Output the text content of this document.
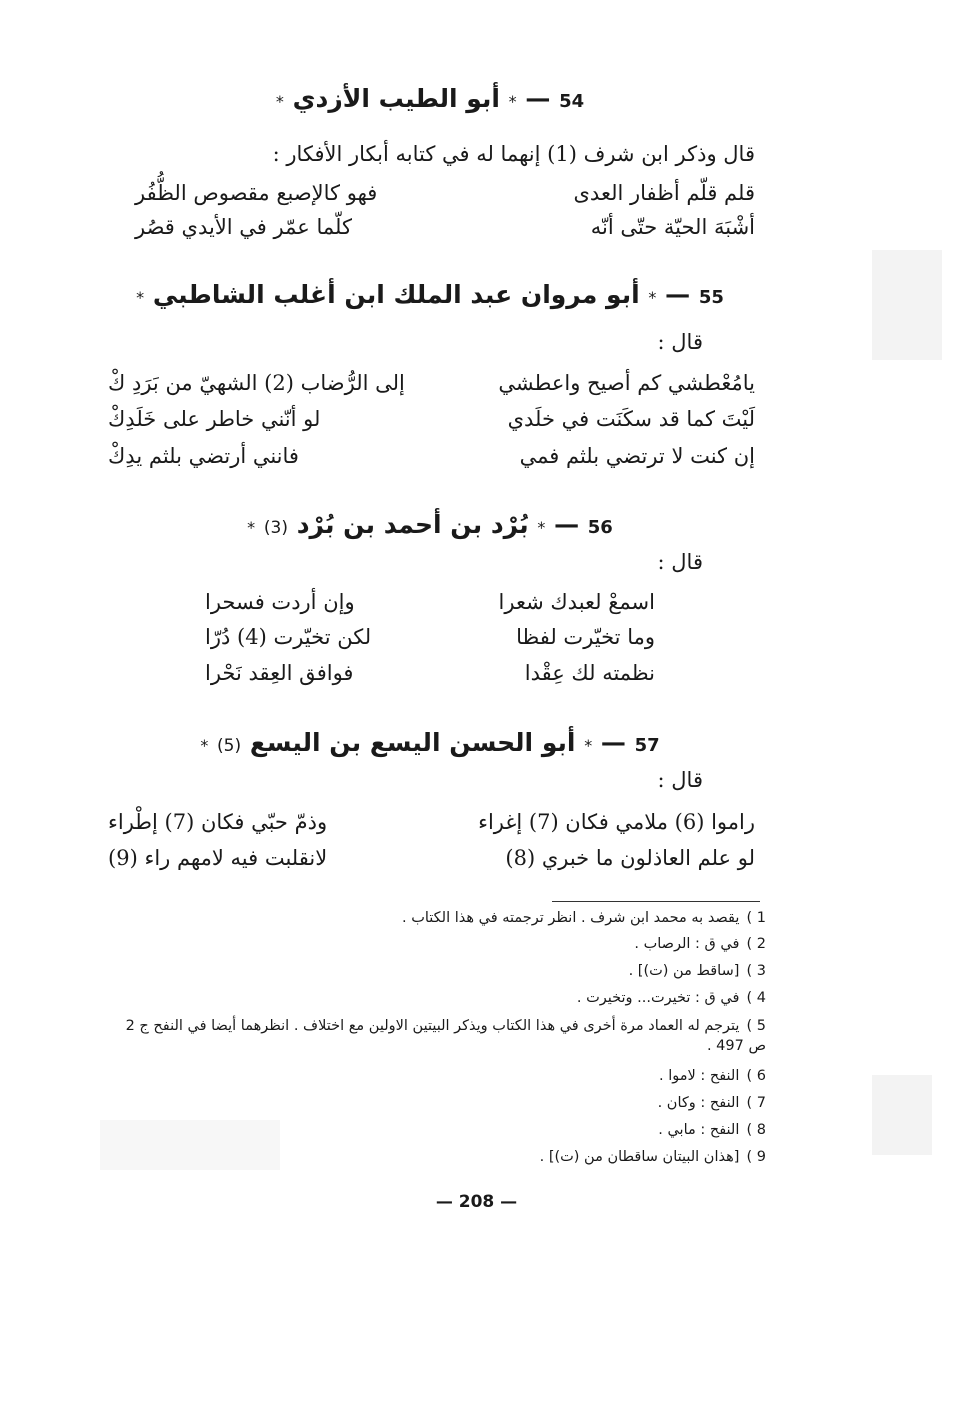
54 — * أبو الطيب الأزدي *
قال وذكر ابن شرف (1) إنهما له في كتابه أبكار الأفكار :
قلم قلّم أظفار العدى
فهو كالإصبع مقصوص الظُّفُر
أشْبَهَ الحيّة حتّى أنّه
كلّما عمّر في الأيدي قصُر
55 — * أبو مروان عبد الملك ابن أغلب الشاطبي *
قال :
يامُعْطشي كم أصيح واعطشي
إلى الرُّضاب (2) الشهيّ من بَرَدِ كْ
لَيْتَ كما قد سكَنَت في خلَدي
لو أنّني خاطر على خَلَدِكْ
إن كنت لا ترتضي بلثم فمي
فانني أرتضي بلثم يدِكْ
56 — * بُرْد بن أحمد بن بُرْد (3) *
قال :
اسمعْ لعبدك شعرا
وإن أردت فسحرا
وما تخيّرت لفظا
لكن تخيّرت (4) دُرّا
نظمته لك عِقْدا
فوافق العِقد نَحْرا
57 — * أبو الحسن اليسع بن اليسع (5) *
قال :
راموا (6) ملامي فكان (7) إغراء
وذمّ حبّي فكان (7) إطْراء
لو علم العاذلون ما خبري (8)
لانقلبت فيه لامهم راء (9)
1 ) يقصد به محمد ابن شرف . انظر ترجمته في هذا الكتاب .
2 ) في ق : الرصاب .
3 ) [ساقط من (ت)] .
4 ) في ق : تخيرت... وتخيرت .
5 ) يترجم له العماد مرة أخرى في هذا الكتاب ويذكر البيتين الاولين مع اختلاف . انظرهما أيضا في النفح ج 2 ص 497 .
6 ) النفح : لاموا .
7 ) النفح : وكان .
8 ) النفح : مابي .
9 ) [هذان البيتان ساقطان من (ت)] .
— 208 —
